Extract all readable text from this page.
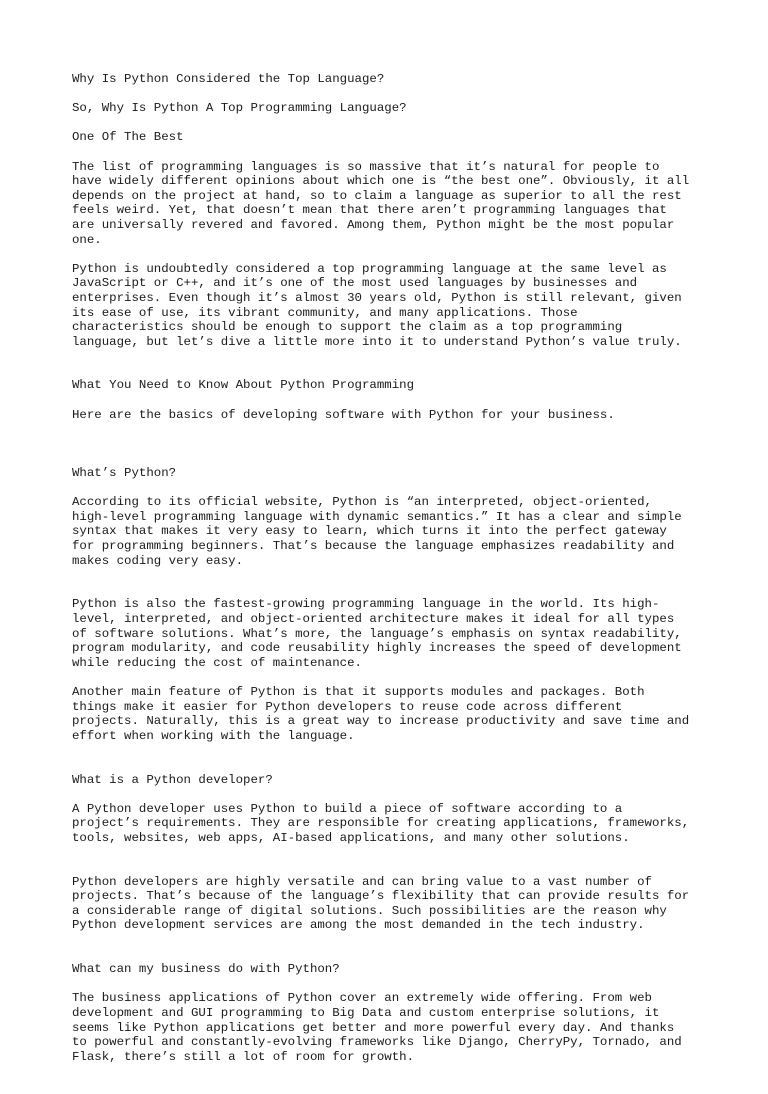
Why Is Python Considered the Top Language?
So, Why Is Python A Top Programming Language?
One Of The Best
The list of programming languages is so massive that it’s natural for people to
have widely different opinions about which one is “the best one”. Obviously, it all
depends on the project at hand, so to claim a language as superior to all the rest
feels weird. Yet, that doesn’t mean that there aren’t programming languages that
are universally revered and favored. Among them, Python might be the most popular
one.
Python is undoubtedly considered a top programming language at the same level as
JavaScript or C++, and it’s one of the most used languages by businesses and
enterprises. Even though it’s almost 30 years old, Python is still relevant, given
its ease of use, its vibrant community, and many applications. Those
characteristics should be enough to support the claim as a top programming
language, but let’s dive a little more into it to understand Python’s value truly.

What You Need to Know About Python Programming

Here are the basics of developing software with Python for your business.

What’s Python?

According to its official website, Python is “an interpreted, object-oriented,
high-level programming language with dynamic semantics.” It has a clear and simple
syntax that makes it very easy to learn, which turns it into the perfect gateway
for programming beginners. That’s because the language emphasizes readability and
makes coding very easy.

Python is also the fastest-growing programming language in the world. Its high-
level, interpreted, and object-oriented architecture makes it ideal for all types
of software solutions. What’s more, the language’s emphasis on syntax readability,
program modularity, and code reusability highly increases the speed of development
while reducing the cost of maintenance.
Another main feature of Python is that it supports modules and packages. Both
things make it easier for Python developers to reuse code across different
projects. Naturally, this is a great way to increase productivity and save time and
effort when working with the language.

What is a Python developer?

A Python developer uses Python to build a piece of software according to a
project’s requirements. They are responsible for creating applications, frameworks,
tools, websites, web apps, AI-based applications, and many other solutions.

Python developers are highly versatile and can bring value to a vast number of
projects. That’s because of the language’s flexibility that can provide results for
a considerable range of digital solutions. Such possibilities are the reason why
Python development services are among the most demanded in the tech industry.

What can my business do with Python?

The business applications of Python cover an extremely wide offering. From web
development and GUI programming to Big Data and custom enterprise solutions, it
seems like Python applications get better and more powerful every day. And thanks
to powerful and constantly-evolving frameworks like Django, CherryPy, Tornado, and
Flask, there’s still a lot of room for growth.
